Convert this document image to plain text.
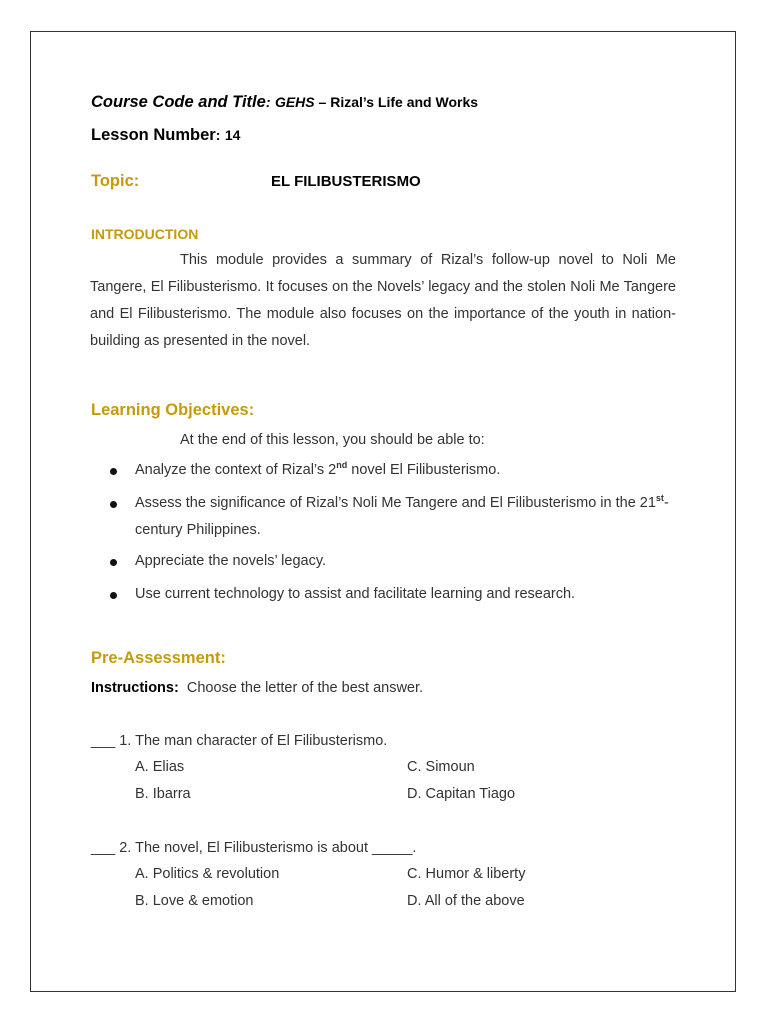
Course Code and Title: GEHS – Rizal’s Life and Works
Lesson Number: 14
Topic:	EL FILIBUSTERISMO
INTRODUCTION
This module provides a summary of Rizal’s follow-up novel to Noli Me Tangere, El Filibusterismo. It focuses on the Novels’ legacy and the stolen Noli Me Tangere and El Filibusterismo. The module also focuses on the importance of the youth in nation-building as presented in the novel.
Learning Objectives:
At the end of this lesson, you should be able to:
Analyze the context of Rizal’s 2nd novel El Filibusterismo.
Assess the significance of Rizal’s Noli Me Tangere and El Filibusterismo in the 21st-century Philippines.
Appreciate the novels’ legacy.
Use current technology to assist and facilitate learning and research.
Pre-Assessment:
Instructions: Choose the letter of the best answer.
___ 1. The man character of El Filibusterismo.
A. Elias	C. Simoun
B. Ibarra	D. Capitan Tiago
___ 2. The novel, El Filibusterismo is about _____.
A. Politics & revolution	C. Humor & liberty
B. Love & emotion	D. All of the above
